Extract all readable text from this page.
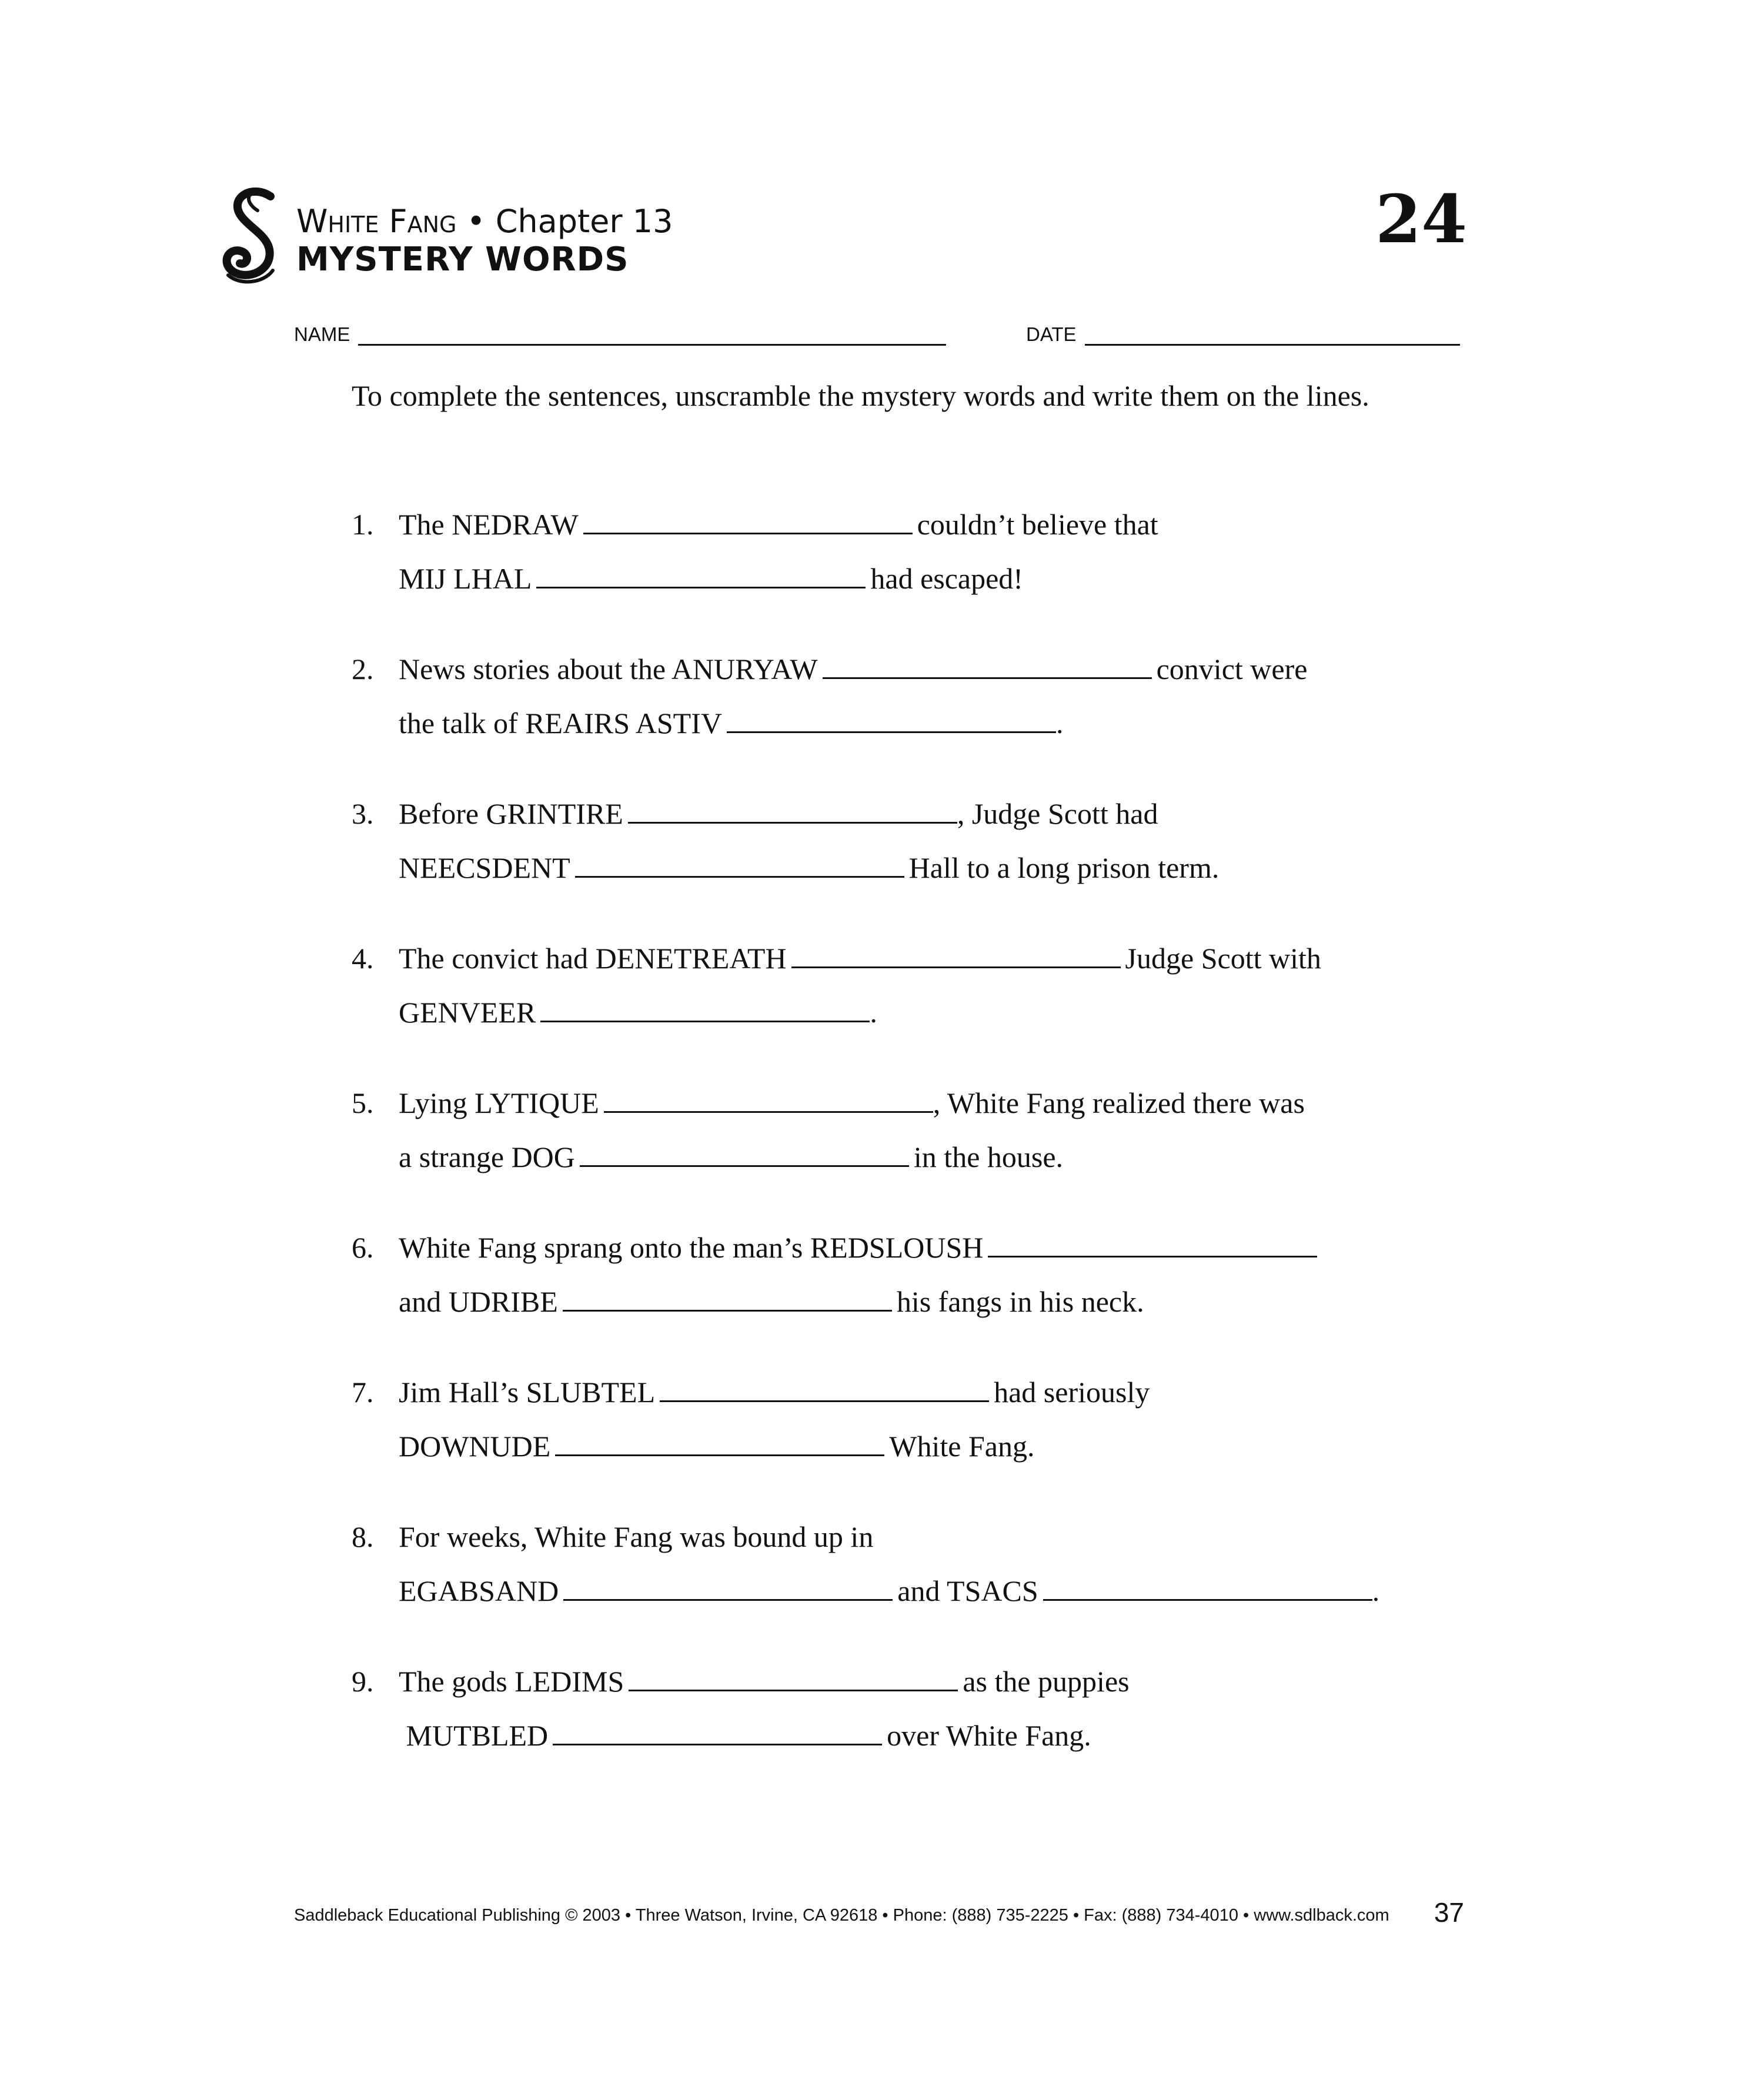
White Fang • Chapter 13
MYSTERY WORDS
24
NAME	DATE
To complete the sentences, unscramble the mystery words and write them on the lines.
1. The NEDRAW	couldn’t believe that
MIJ LHAL	had escaped!
2. News stories about the ANURYAW	convict were
the talk of REAIRS ASTIV	.
3. Before GRINTIRE	, Judge Scott had
NEECSDENT	Hall to a long prison term.
4. The convict had DENETREATH	Judge Scott with
GENVEER	.
5. Lying LYTIQUE	, White Fang realized there was
a strange DOG	in the house.
6. White Fang sprang onto the man’s REDSLOUSH
and UDRIBE	his fangs in his neck.
7. Jim Hall’s SLUBTEL	had seriously
DOWNUDE	White Fang.
8. For weeks, White Fang was bound up in
EGABSAND	and TSACS	.
9. The gods LEDIMS	as the puppies
MUTBLED	over White Fang.
Saddleback Educational Publishing © 2003 • Three Watson, Irvine, CA 92618 • Phone: (888) 735-2225 • Fax: (888) 734-4010 • www.sdlback.com 37
